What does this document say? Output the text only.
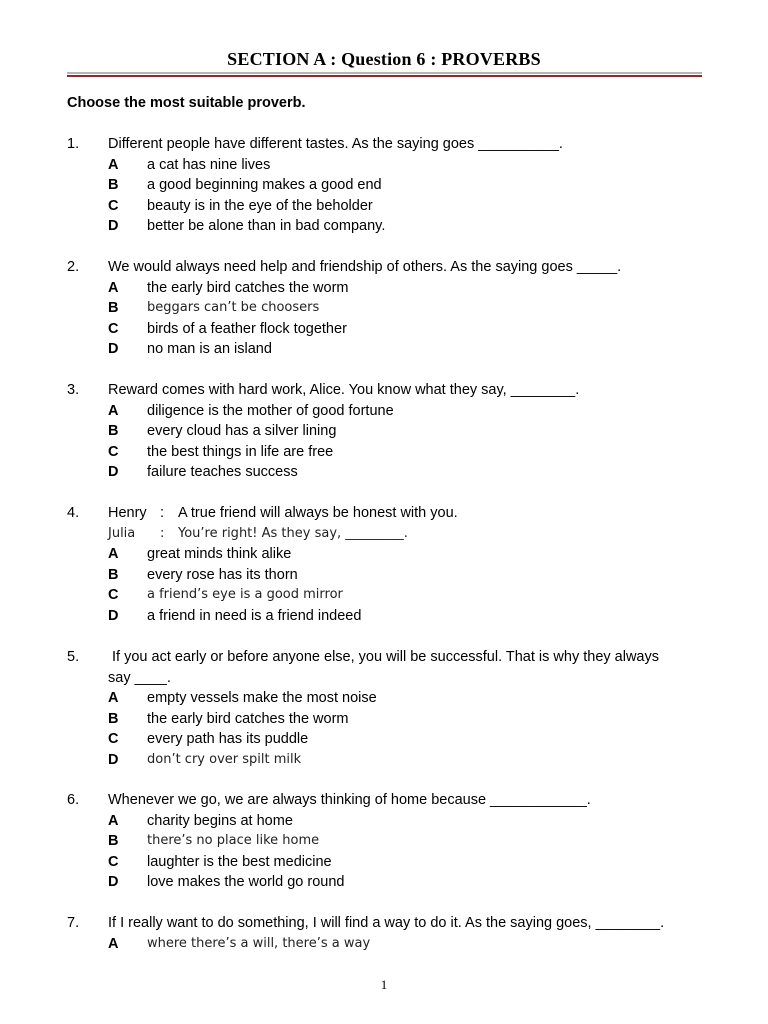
SECTION A : Question 6 : PROVERBS
Choose the most suitable proverb.
1. Different people have different tastes. As the saying goes __________.
A a cat has nine lives
B a good beginning makes a good end
C beauty is in the eye of the beholder
D better be alone than in bad company.
2. We would always need help and friendship of others. As the saying goes _____.
A the early bird catches the worm
B beggars can’t be choosers
C birds of a feather flock together
D no man is an island
3. Reward comes with hard work, Alice. You know what they say, ________.
A diligence is the mother of good fortune
B every cloud has a silver lining
C the best things in life are free
D failure teaches success
4. Henry : A true friend will always be honest with you.
Julia : You’re right! As they say, _________.
A great minds think alike
B every rose has its thorn
C a friend’s eye is a good mirror
D a friend in need is a friend indeed
5. If you act early or before anyone else, you will be successful. That is why they always
say ____.
A empty vessels make the most noise
B the early bird catches the worm
C every path has its puddle
D don’t cry over spilt milk
6. Whenever we go, we are always thinking of home because ____________.
A charity begins at home
B there’s no place like home
C laughter is the best medicine
D love makes the world go round
7. If I really want to do something, I will find a way to do it. As the saying goes, ________.
A where there’s a will, there’s a way
1
